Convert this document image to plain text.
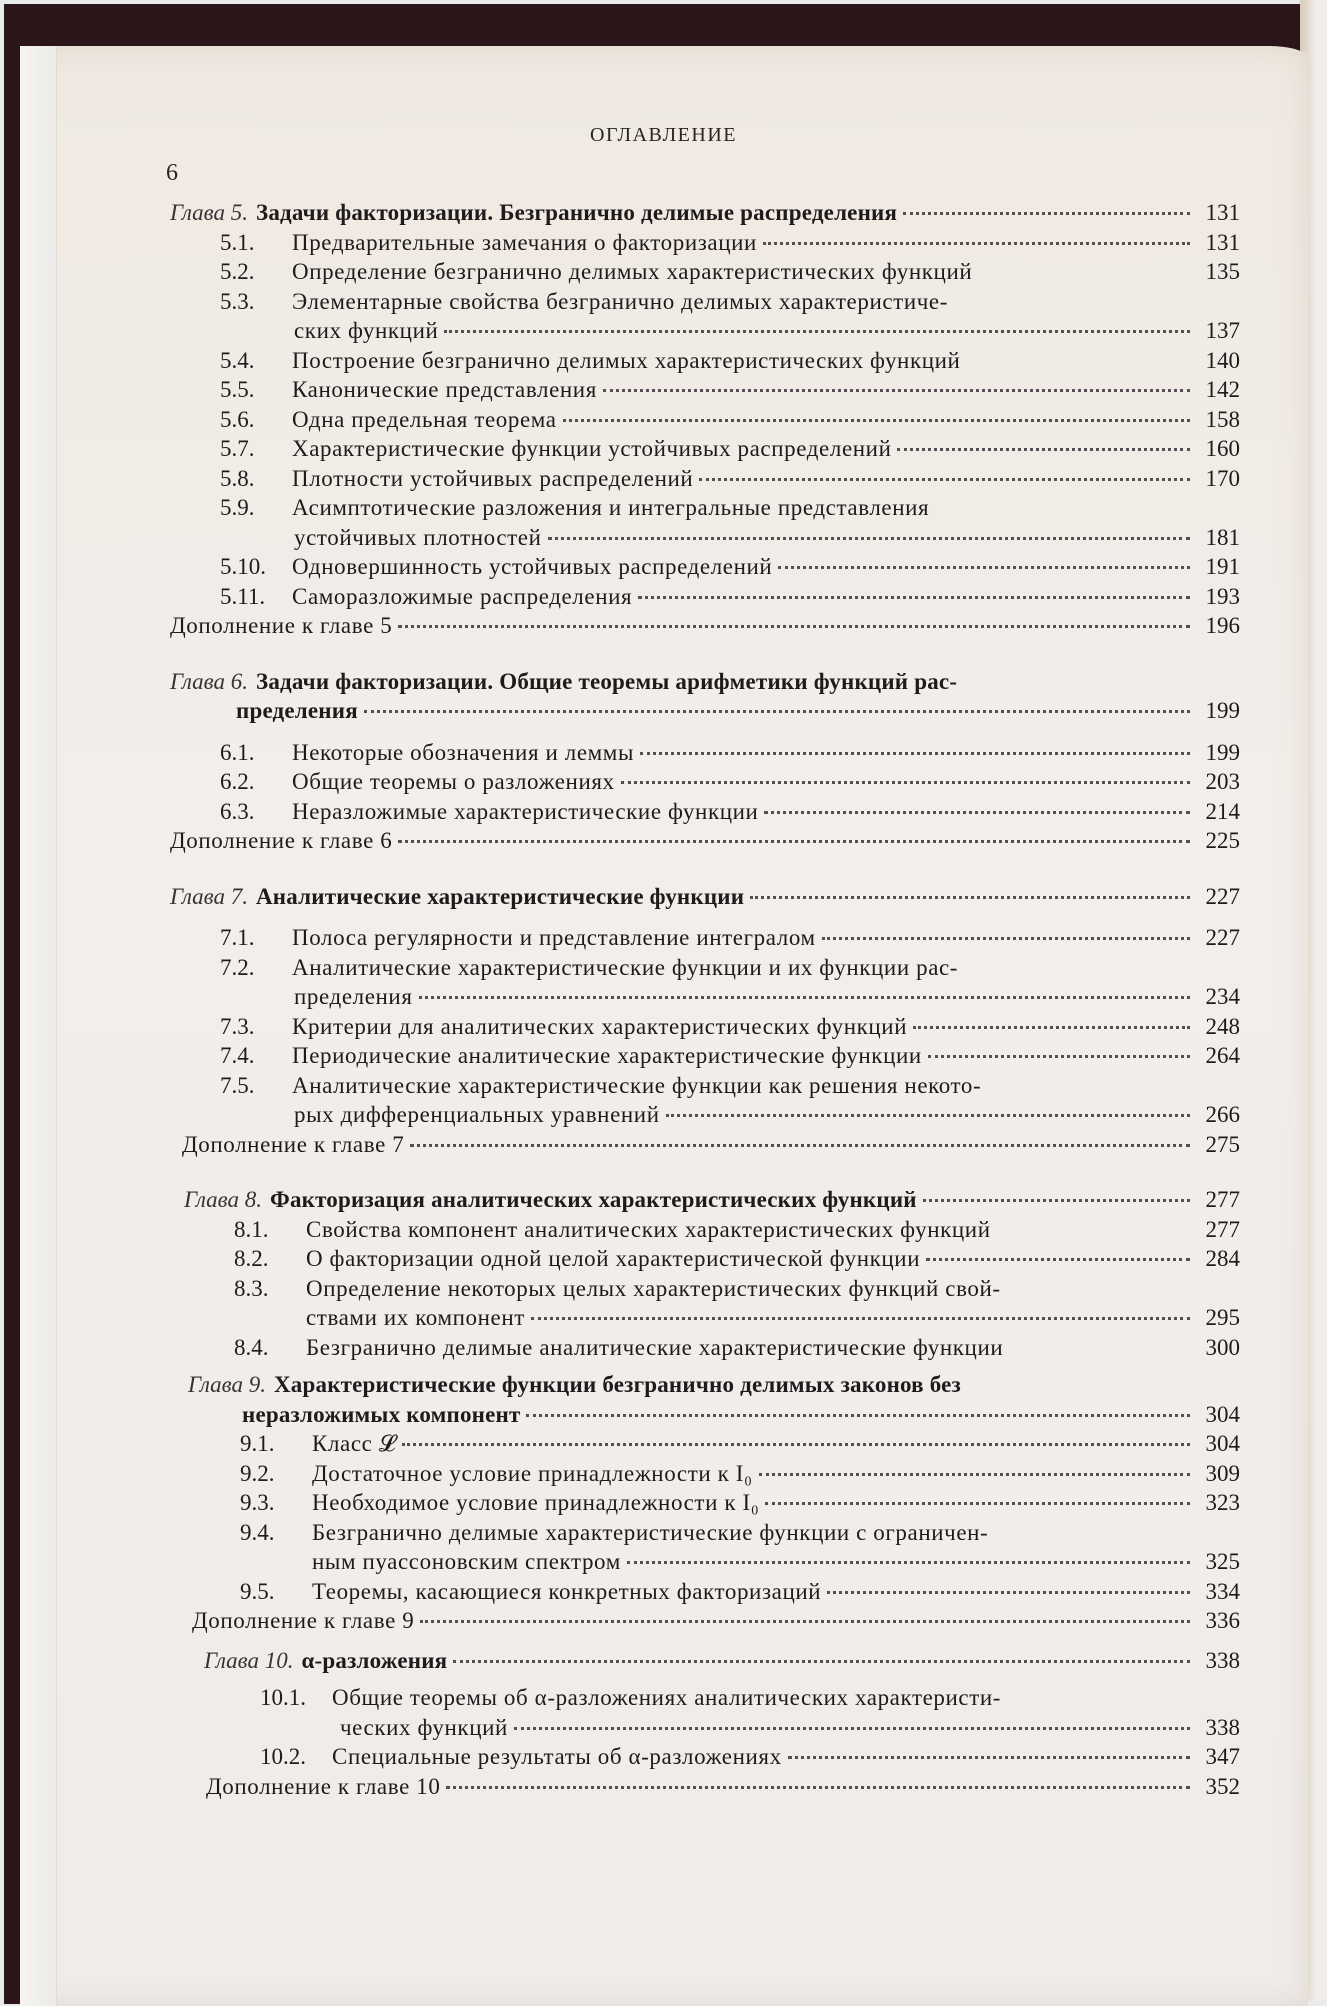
ОГЛАВЛЕНИЕ
6
Глава 5. Задачи факторизации. Безгранично делимые распределения	131
5.1.	Предварительные замечания о факторизации	131
5.2.	Определение безгранично делимых характеристических функций	135
5.3.	Элементарные свойства безгранично делимых характеристиче-
ских функций	137
5.4.	Построение безгранично делимых характеристических функций	140
5.5.	Канонические представления	142
5.6.	Одна предельная теорема	158
5.7.	Характеристические функции устойчивых распределений	160
5.8.	Плотности устойчивых распределений	170
5.9.	Асимптотические разложения и интегральные представления
устойчивых плотностей	181
5.10.	Одновершинность устойчивых распределений	191
5.11.	Саморазложимые распределения	193
Дополнение к главе 5	196
Глава 6. Задачи факторизации. Общие теоремы арифметики функций рас-
пределения	199
6.1.	Некоторые обозначения и леммы	199
6.2.	Общие теоремы о разложениях	203
6.3.	Неразложимые характеристические функции	214
Дополнение к главе 6	225
Глава 7. Аналитические характеристические функции	227
7.1.	Полоса регулярности и представление интегралом	227
7.2.	Аналитические характеристические функции и их функции рас-
пределения	234
7.3.	Критерии для аналитических характеристических функций	248
7.4.	Периодические аналитические характеристические функции	264
7.5.	Аналитические характеристические функции как решения некото-
рых дифференциальных уравнений	266
Дополнение к главе 7	275
Глава 8. Факторизация аналитических характеристических функций	277
8.1.	Свойства компонент аналитических характеристических функций	277
8.2.	О факторизации одной целой характеристической функции	284
8.3.	Определение некоторых целых характеристических функций свой-
ствами их компонент	295
8.4.	Безгранично делимые аналитические характеристические функции	300
Глава 9. Характеристические функции безгранично делимых законов без
неразложимых компонент	304
9.1.	Класс 𝓛	304
9.2.	Достаточное условие принадлежности к I₀	309
9.3.	Необходимое условие принадлежности к I₀	323
9.4.	Безгранично делимые характеристические функции с ограничен-
ным пуассоновским спектром	325
9.5.	Теоремы, касающиеся конкретных факторизаций	334
Дополнение к главе 9	336
Глава 10. α-разложения	338
10.1.	Общие теоремы об α-разложениях аналитических характеристи-
ческих функций	338
10.2.	Специальные результаты об α-разложениях	347
Дополнение к главе 10	352
